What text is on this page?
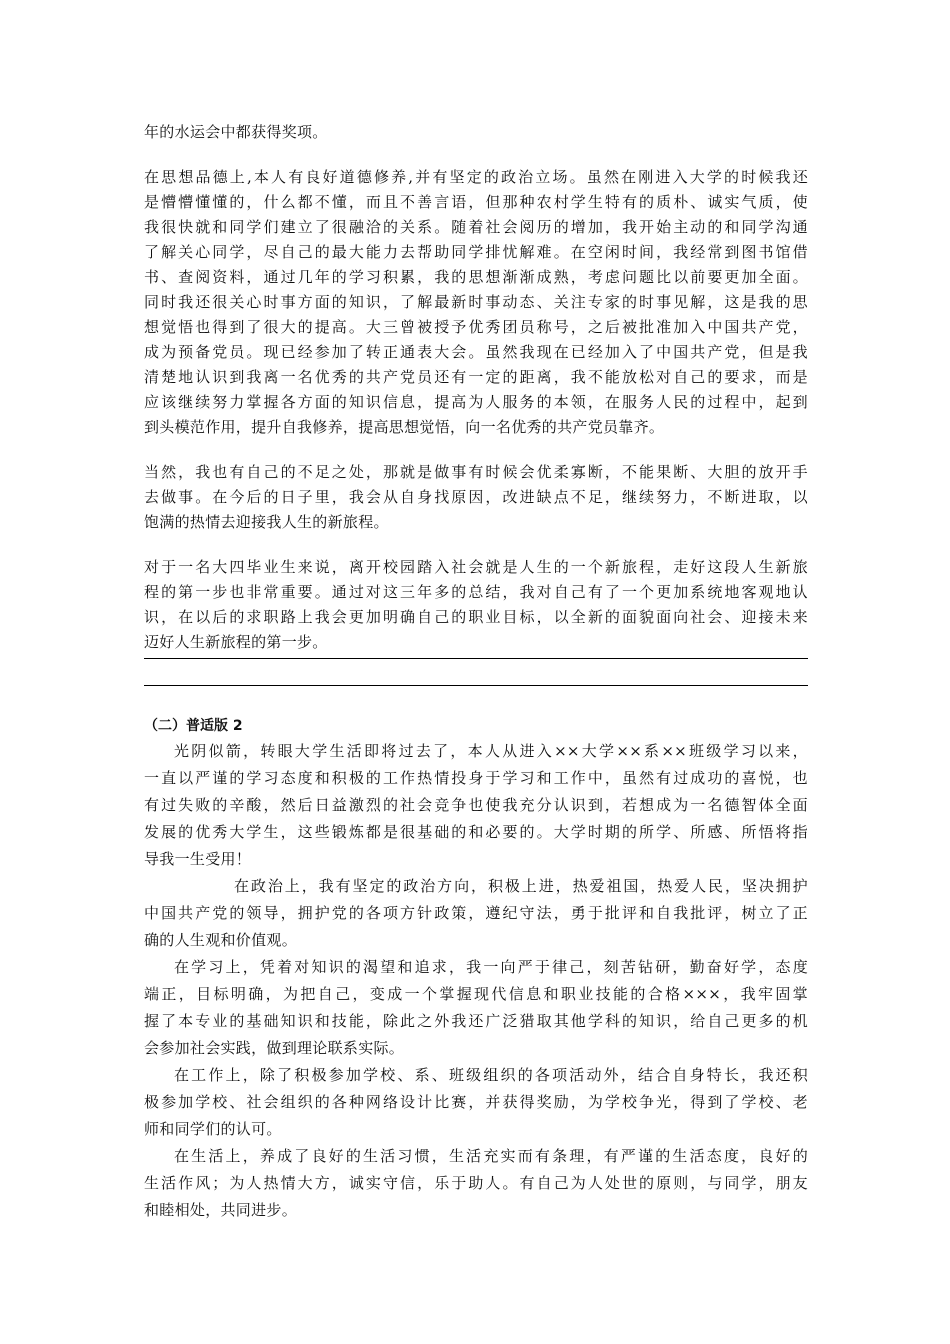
年的水运会中都获得奖项。
在思想品德上,本人有良好道德修养,并有坚定的政治立场。虽然在刚进入大学的时候我还
是懵懵懂懂的，什么都不懂，而且不善言语，但那种农村学生特有的质朴、诚实气质，使
我很快就和同学们建立了很融洽的关系。随着社会阅历的增加，我开始主动的和同学沟通
了解关心同学，尽自己的最大能力去帮助同学排忧解难。在空闲时间，我经常到图书馆借
书、查阅资料，通过几年的学习积累，我的思想渐渐成熟，考虑问题比以前要更加全面。
同时我还很关心时事方面的知识，了解最新时事动态、关注专家的时事见解，这是我的思
想觉悟也得到了很大的提高。大三曾被授予优秀团员称号，之后被批准加入中国共产党，
成为预备党员。现已经参加了转正通表大会。虽然我现在已经加入了中国共产党，但是我
清楚地认识到我离一名优秀的共产党员还有一定的距离，我不能放松对自己的要求，而是
应该继续努力掌握各方面的知识信息，提高为人服务的本领，在服务人民的过程中，起到
到头模范作用，提升自我修养，提高思想觉悟，向一名优秀的共产党员靠齐。
当然，我也有自己的不足之处，那就是做事有时候会优柔寡断，不能果断、大胆的放开手
去做事。在今后的日子里，我会从自身找原因，改进缺点不足，继续努力，不断进取，以
饱满的热情去迎接我人生的新旅程。
对于一名大四毕业生来说，离开校园踏入社会就是人生的一个新旅程，走好这段人生新旅
程的第一步也非常重要。通过对这三年多的总结，我对自己有了一个更加系统地客观地认
识，在以后的求职路上我会更加明确自己的职业目标，以全新的面貌面向社会、迎接未来
迈好人生新旅程的第一步。
（二）普适版 2
光阴似箭，转眼大学生活即将过去了，本人从进入××大学××系××班级学习以来，
一直以严谨的学习态度和积极的工作热情投身于学习和工作中，虽然有过成功的喜悦，也
有过失败的辛酸，然后日益激烈的社会竞争也使我充分认识到，若想成为一名德智体全面
发展的优秀大学生，这些锻炼都是很基础的和必要的。大学时期的所学、所感、所悟将指
导我一生受用！
在政治上，我有坚定的政治方向，积极上进，热爱祖国，热爱人民，坚决拥护
中国共产党的领导，拥护党的各项方针政策，遵纪守法，勇于批评和自我批评，树立了正
确的人生观和价值观。
在学习上，凭着对知识的渴望和追求，我一向严于律己，刻苦钻研，勤奋好学，态度
端正，目标明确，为把自己，变成一个掌握现代信息和职业技能的合格×××，我牢固掌
握了本专业的基础知识和技能，除此之外我还广泛猎取其他学科的知识，给自己更多的机
会参加社会实践，做到理论联系实际。
在工作上，除了积极参加学校、系、班级组织的各项活动外，结合自身特长，我还积
极参加学校、社会组织的各种网络设计比赛，并获得奖励，为学校争光，得到了学校、老
师和同学们的认可。
在生活上，养成了良好的生活习惯，生活充实而有条理，有严谨的生活态度，良好的
生活作风；为人热情大方，诚实守信，乐于助人。有自己为人处世的原则，与同学，朋友
和睦相处，共同进步。
